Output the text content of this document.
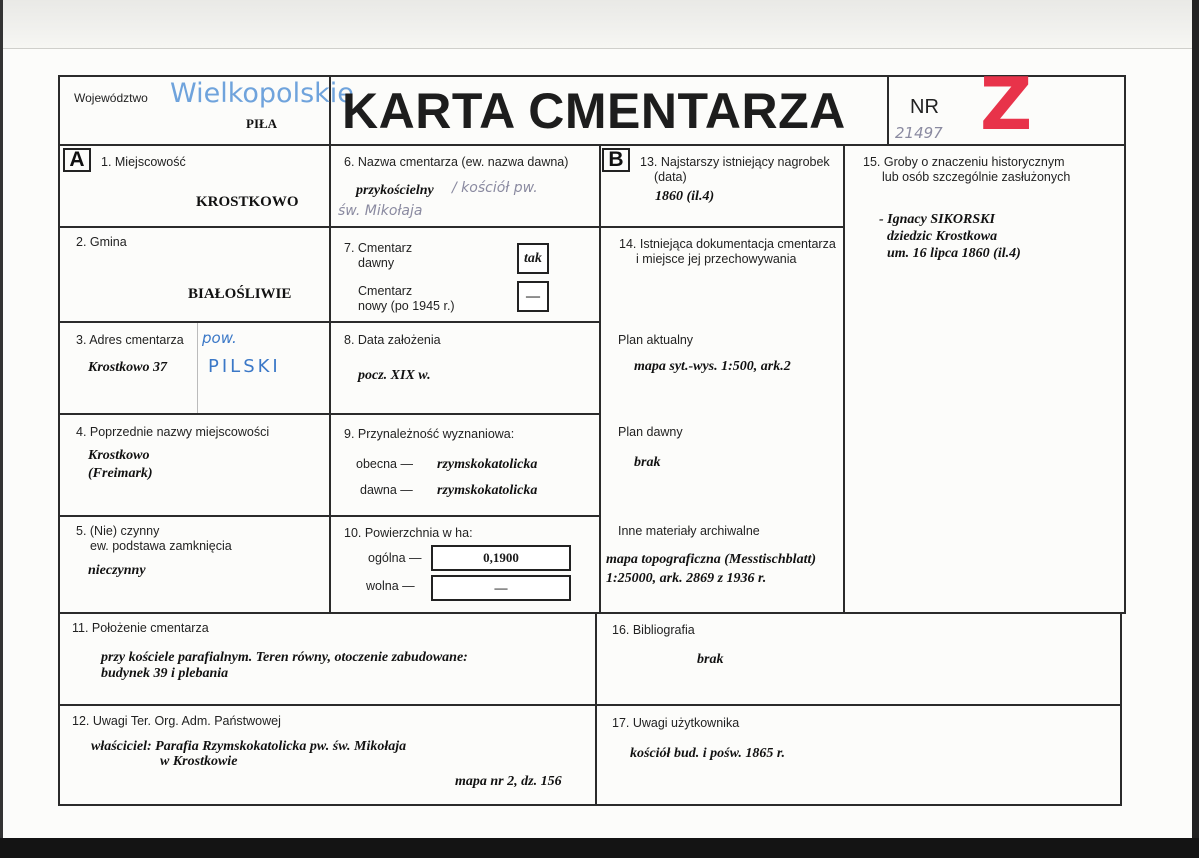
Województwo Wielkopolskie
PIŁA KARTA CMENTARZA	NR
21497 Z
A	B
1. Miejscowość
KROSTKOWO
2. Gmina
BIAŁOŚLIWIE
3. Adres cmentarza
Krostkowo 37
pow.
PILSKI
4. Poprzednie nazwy miejscowości
Krostkowo
(Freimark)
5. (Nie) czynny
ew. podstawa zamknięcia
nieczynny
6. Nazwa cmentarza (ew. nazwa dawna)
przykościelny / kościół pw.
św. Mikołaja
7. Cmentarz
dawny	tak
Cmentarz
nowy (po 1945 r.)
—
8. Data założenia
pocz. XIX w.
9. Przynależność wyznaniowa:
obecna — rzymskokatolicka
dawna — rzymskokatolicka
10. Powierzchnia w ha:
ogólna —	0,1900
wolna —	—
13. Najstarszy istniejący nagrobek
(data)
1860 (il.4)
14. Istniejąca dokumentacja cmentarza
i miejsce jej przechowywania
Plan aktualny
mapa syt.-wys. 1:500, ark.2
Plan dawny
brak
Inne materiały archiwalne
mapa topograficzna (Messtischblatt)
1:25000, ark. 2869 z 1936 r.
15. Groby o znaczeniu historycznym
lub osób szczególnie zasłużonych
- Ignacy SIKORSKI
dziedzic Krostkowa
um. 16 lipca 1860 (il.4)
11. Położenie cmentarza
przy kościele parafialnym. Teren równy, otoczenie zabudowane:
budynek 39 i plebania
12. Uwagi Ter. Org. Adm. Państwowej
właściciel: Parafia Rzymskokatolicka pw. św. Mikołaja
w Krostkowie
mapa nr 2, dz. 156
16. Bibliografia
brak
17. Uwagi użytkownika
kościół bud. i pośw. 1865 r.
